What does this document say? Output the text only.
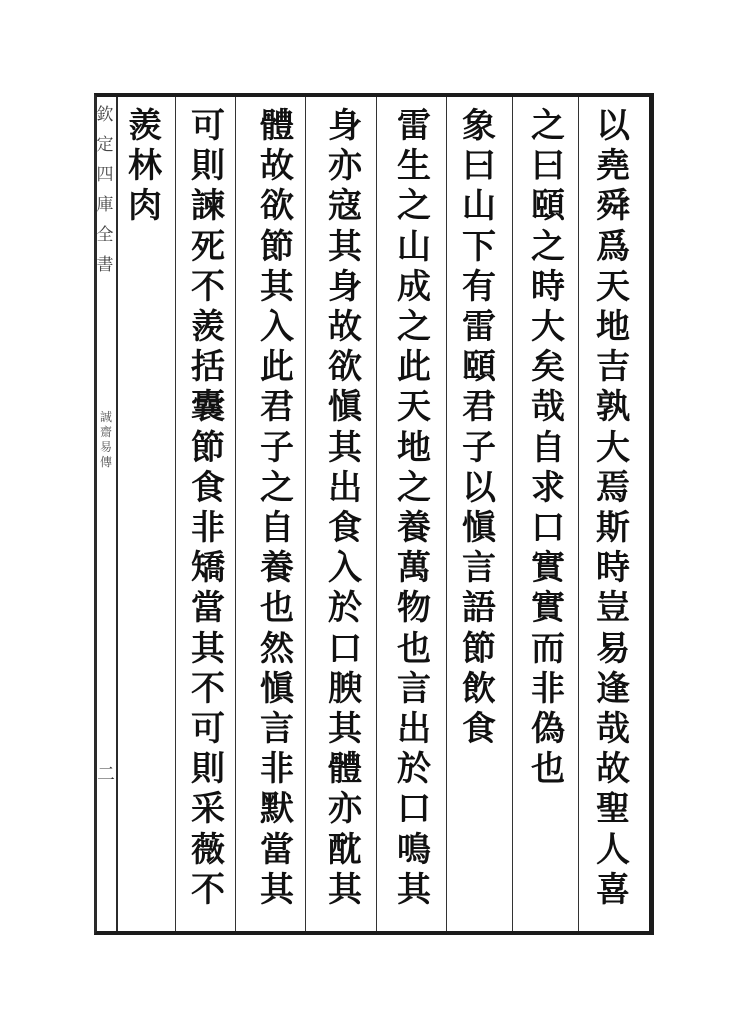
欽
定
四
庫
全
書
誠
齋
易
傳
二
以
堯
舜
爲
天
地
吉
孰
大
焉
斯
時
豈
易
逢
哉
故
聖
人
喜
之
曰
頤
之
時
大
矣
哉
自
求
口
實
實
而
非
偽
也
象
曰
山
下
有
雷
頤
君
子
以
愼
言
語
節
飲
食
雷
生
之
山
成
之
此
天
地
之
養
萬
物
也
言
出
於
口
鳴
其
身
亦
寇
其
身
故
欲
愼
其
出
食
入
於
口
腴
其
體
亦
酖
其
體
故
欲
節
其
入
此
君
子
之
自
養
也
然
愼
言
非
默
當
其
可
則
諫
死
不
羨
括
囊
節
食
非
矯
當
其
不
可
則
采
薇
不
羨
林
肉
